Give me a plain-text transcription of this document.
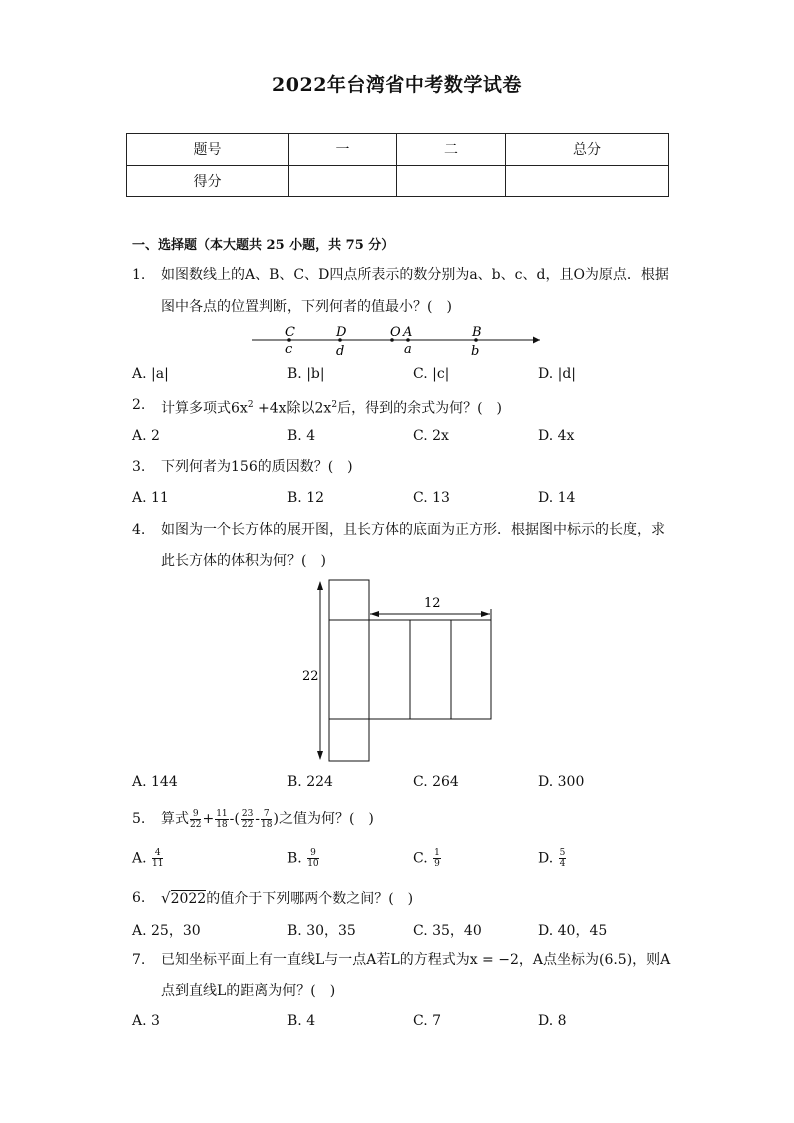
2022年台湾省中考数学试卷
题号	一	二	总分
得分			
一、选择题（本大题共 25 小题，共 75 分）
1.	如图数线上的A、B、C、D四点所表示的数分别为a、b、c、d，且O为原点．根据
图中各点的位置判断，下列何者的值最小？(　)
C	D	O A	B
c	d	a	b
A. |a|	B. |b|	C. |c|	D. |d|
2.	计算多项式$6x^2 +4x$除以$2x^2$后，得到的余式为何？(　)
A. 2	B. 4	C. 2x	D. 4x
3.	下列何者为156的质因数？(　)
A. 11	B. 12	C. 13	D. 14
4.	如图为一个长方体的展开图，且长方体的底面为正方形．根据图中标示的长度，求
此长方体的体积为何？(　)
22
12
A. 144	B. 224	C. 264	D. 300
5.	算式 $\frac{9}{22} + \frac{11}{18}$ -( $\frac{23}{22} - \frac{7}{18}$ )之值为何？(　)
A. $\frac{4}{11}$	B. $\frac{9}{10}$	C. $\frac{1}{9}$	D. $\frac{5}{4}$
6.	√2022的值介于下列哪两个数之间？(　)
A. 25，30	B. 30，35	C. 35，40	D. 40，45
7.	已知坐标平面上有一直线L与一点A若L的方程式为x = −2，A点坐标为(6.5)，则A
点到直线L的距离为何？(　)
A. 3	B. 4	C. 7	D. 8
